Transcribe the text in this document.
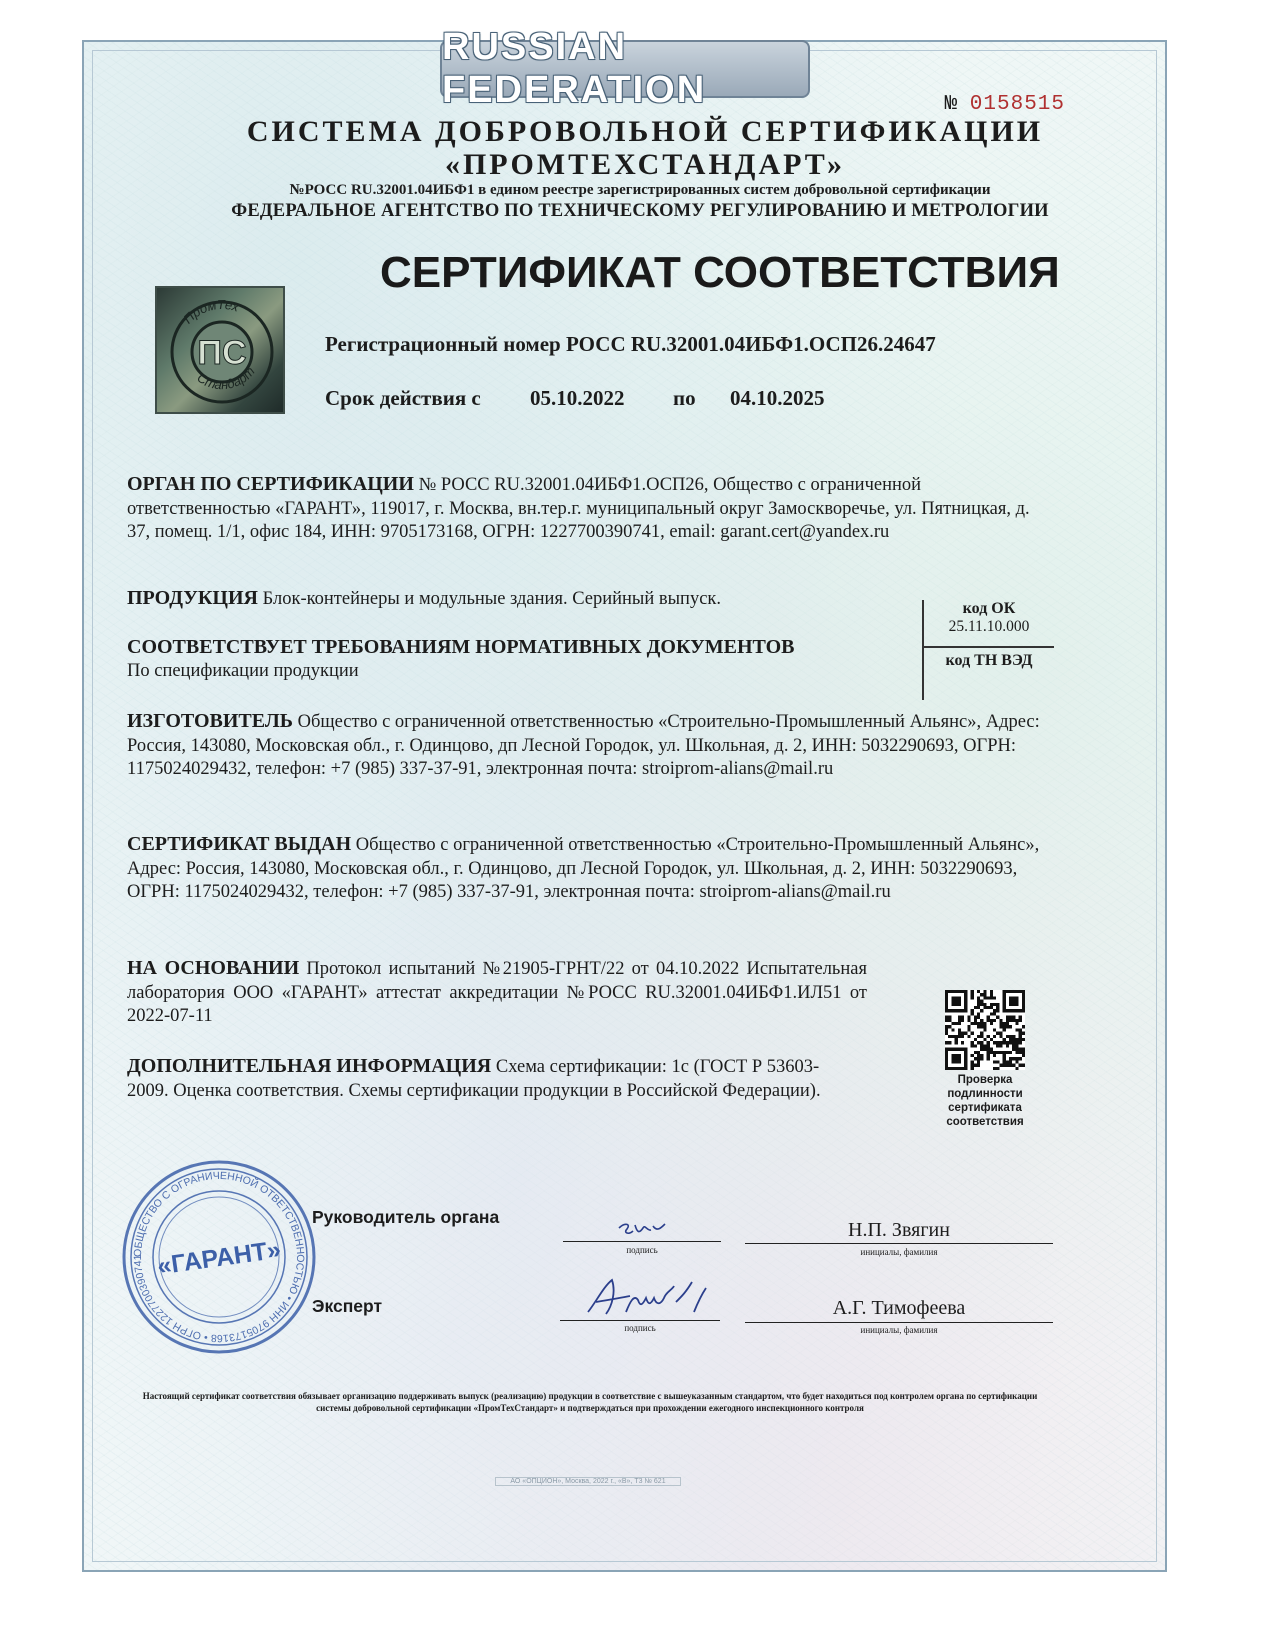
RUSSIAN FEDERATION	№ 0158515
СИСТЕМА ДОБРОВОЛЬНОЙ СЕРТИФИКАЦИИ
«ПРОМТЕХСТАНДАРТ»
№РОСС RU.32001.04ИБФ1 в едином реестре зарегистрированных систем добровольной сертификации
ФЕДЕРАЛЬНОЕ АГЕНТСТВО ПО ТЕХНИЧЕСКОМУ РЕГУЛИРОВАНИЮ И МЕТРОЛОГИИ
СЕРТИФИКАТ СООТВЕТСТВИЯ
ПромТех
Стандарт
ПС	Регистрационный номер РОСС RU.32001.04ИБФ1.ОСП26.24647
Срок действия с 05.10.2022 по 04.10.2025
ОРГАН ПО СЕРТИФИКАЦИИ № РОСС RU.32001.04ИБФ1.ОСП26, Общество с ограниченной ответственностью «ГАРАНТ», 119017, г. Москва, вн.тер.г. муниципальный округ Замоскворечье, ул. Пятницкая, д. 37, помещ. 1/1, офис 184, ИНН: 9705173168, ОГРН: 1227700390741, email: garant.cert@yandex.ru
ПРОДУКЦИЯ Блок-контейнеры и модульные здания. Серийный выпуск.	код ОК
25.11.10.000
код ТН ВЭД
СООТВЕТСТВУЕТ ТРЕБОВАНИЯМ НОРМАТИВНЫХ ДОКУМЕНТОВ
По спецификации продукции
ИЗГОТОВИТЕЛЬ Общество с ограниченной ответственностью «Строительно-Промышленный Альянс», Адрес: Россия, 143080, Московская обл., г. Одинцово, дп Лесной Городок, ул. Школьная, д. 2, ИНН: 5032290693, ОГРН: 1175024029432, телефон: +7 (985) 337-37-91, электронная почта: stroiprom-alians@mail.ru
СЕРТИФИКАТ ВЫДАН Общество с ограниченной ответственностью «Строительно-Промышленный Альянс», Адрес: Россия, 143080, Московская обл., г. Одинцово, дп Лесной Городок, ул. Школьная, д. 2, ИНН: 5032290693, ОГРН: 1175024029432, телефон: +7 (985) 337-37-91, электронная почта: stroiprom-alians@mail.ru
НА ОСНОВАНИИ Протокол испытаний №21905-ГРНТ/22 от 04.10.2022 Испытательная лаборатория ООО «ГАРАНТ» аттестат аккредитации №РОСС RU.32001.04ИБФ1.ИЛ51 от 2022-07-11
ДОПОЛНИТЕЛЬНАЯ ИНФОРМАЦИЯ Схема сертификации: 1с (ГОСТ Р 53603-2009. Оценка соответствия. Схемы сертификации продукции в Российской Федерации).
Проверка подлинности сертификата соответствия
ОБЩЕСТВО С ОГРАНИЧЕННОЙ ОТВЕТСТВЕННОСТЬЮ • ИНН 9705173168 • ОГРН 1227700390741 «ГАРАНТ»
Руководитель органа
подпись
Н.П. Звягин
инициалы, фамилия
Эксперт
подпись
А.Г. Тимофеева
инициалы, фамилия
Настоящий сертификат соответствия обязывает организацию поддерживать выпуск (реализацию) продукции в соответствие с вышеуказанным стандартом, что будет находиться под контролем органа по сертификации системы добровольной сертификации «ПромТехСтандарт» и подтверждаться при прохождении ежегодного инспекционного контроля
АО «ОПЦИОН», Москва, 2022 г., «В», Т3 № 621
